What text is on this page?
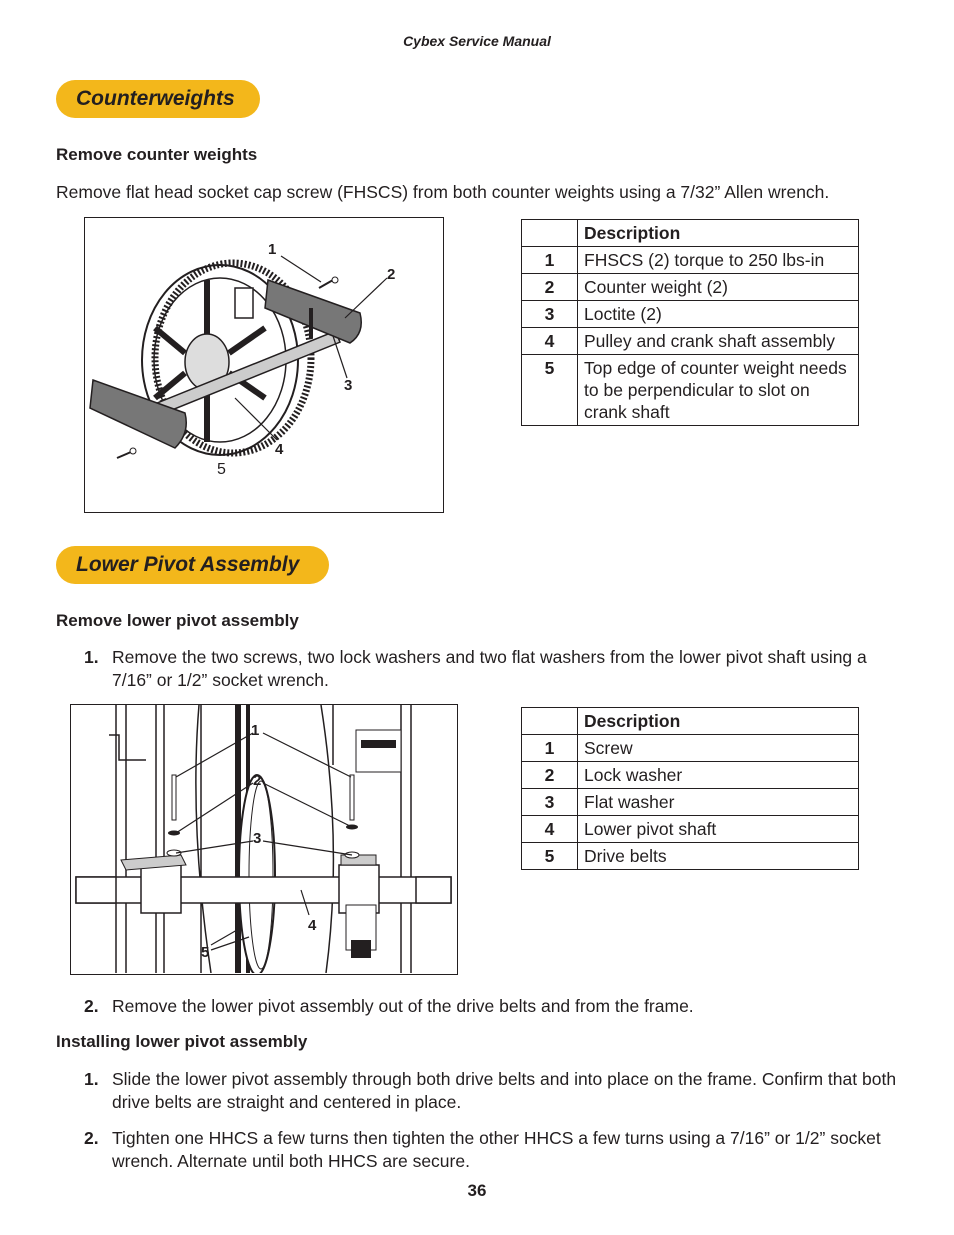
Cybex Service Manual
Counterweights
Remove counter weights
Remove flat head socket cap screw (FHSCS) from both counter weights using a 7/32” Allen wrench.
1
2
3
4
5
	Description
1	FHSCS (2) torque to 250 lbs-in
2	Counter weight (2)
3	Loctite (2)
4	Pulley and crank shaft assembly
5	Top edge of counter weight needs to be perpendicular to slot on crank shaft
Lower Pivot Assembly
Remove lower pivot assembly
1. Remove the two screws, two lock washers and two flat washers from the lower pivot shaft using a 7/16” or 1/2” socket wrench.
1
2
3
4
5
	Description
1	Screw
2	Lock washer
3	Flat washer
4	Lower pivot shaft
5	Drive belts
2. Remove the lower pivot assembly out of the drive belts and from the frame.
Installing lower pivot assembly
1. Slide the lower pivot assembly through both drive belts and into place on the frame. Confirm that both drive belts are straight and centered in place.
2. Tighten one HHCS a few turns then tighten the other HHCS a few turns using a 7/16” or 1/2” socket wrench. Alternate until both HHCS are secure.
36
